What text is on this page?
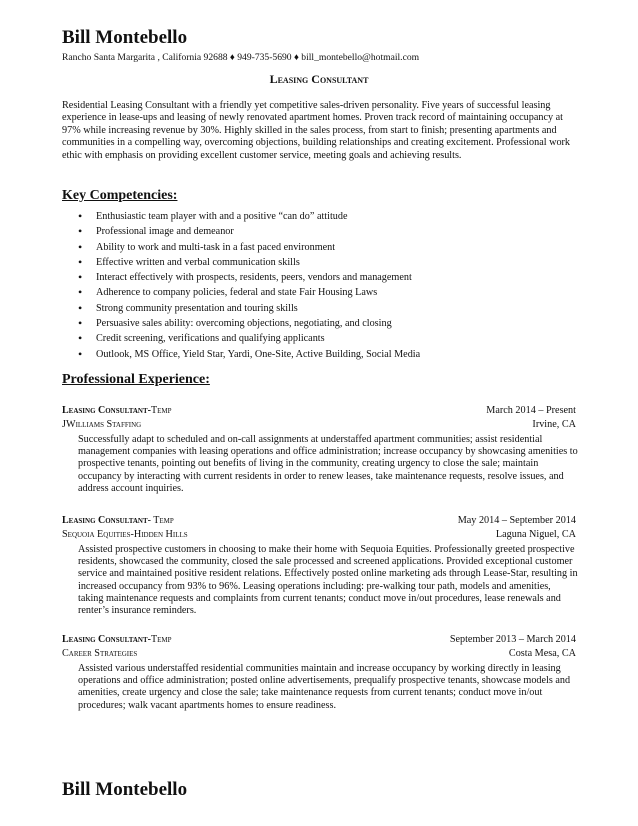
Bill Montebello
Rancho Santa Margarita , California 92688 ♦ 949-735-5690 ♦ bill_montebello@hotmail.com
Leasing Consultant
Residential Leasing Consultant with a friendly yet competitive sales-driven personality. Five years of successful leasing experience in lease-ups and leasing of newly renovated apartment homes. Proven track record of maintaining occupancy at 97% while increasing revenue by 30%. Highly skilled in the sales process, from start to finish; presenting apartments and communities in a compelling way, overcoming objections, building relationships and creating excitement. Professional work ethic with emphasis on providing excellent customer service, meeting goals and achieving results.
Key Competencies:
• Enthusiastic team player with and a positive “can do” attitude
• Professional image and demeanor
• Ability to work and multi-task in a fast paced environment
• Effective written and verbal communication skills
• Interact effectively with prospects, residents, peers, vendors and management
• Adherence to company policies, federal and state Fair Housing Laws
• Strong community presentation and touring skills
• Persuasive sales ability: overcoming objections, negotiating, and closing
• Credit screening, verifications and qualifying applicants
• Outlook, MS Office, Yield Star, Yardi, One-Site, Active Building, Social Media
Professional Experience:
Leasing Consultant-Temp	March 2014 – Present
JWilliams Staffing	Irvine, CA
Successfully adapt to scheduled and on-call assignments at understaffed apartment communities; assist residential management companies with leasing operations and office administration; increase occupancy by showcasing amenities to prospective tenants, pointing out benefits of living in the community, creating urgency to close the sale; maintain occupancy by interacting with current residents in order to renew leases, take maintenance requests, resolve issues, and address account inquiries.
Leasing Consultant- Temp	May 2014 – September 2014
Sequoia Equities-Hidden Hills	Laguna Niguel, CA
Assisted prospective customers in choosing to make their home with Sequoia Equities. Professionally greeted prospective residents, showcased the community, closed the sale processed and screened applications. Provided exceptional customer service and maintained positive resident relations. Effectively posted online marketing ads through Lease-Star, resulting in increased occupancy from 93% to 96%. Leasing operations including: pre-walking tour path, models and amenities, taking maintenance requests and complaints from current tenants; conduct move in/out procedures, lease renewals and renter’s insurance reminders.
Leasing Consultant-Temp	September 2013 – March 2014
Career Strategies	Costa Mesa, CA
Assisted various understaffed residential communities maintain and increase occupancy by working directly in leasing operations and office administration; posted online advertisements, prequalify prospective tenants, showcase models and amenities, create urgency and close the sale; take maintenance requests from current tenants; conduct move in/out procedures; walk vacant apartments homes to ensure readiness.
Bill Montebello
